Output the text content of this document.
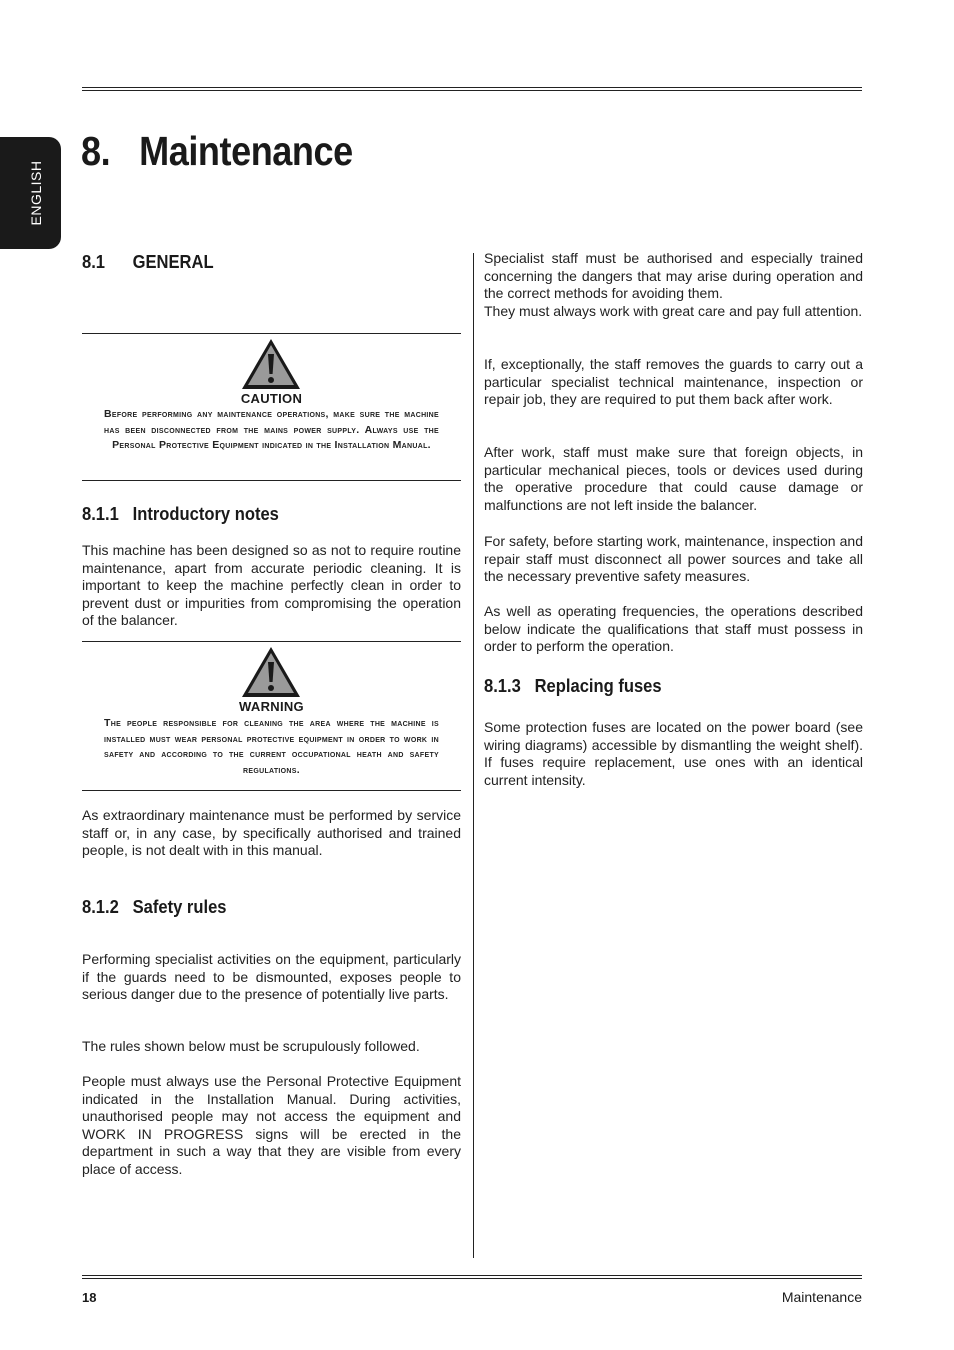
ENGLISH
8. Maintenance
8.1 GENERAL
CAUTION

Before performing any maintenance operations, make sure the machine has been disconnected from the mains power supply. Always use the Personal Protective Equipment indicated in the Installation Manual.

8.1.1 Introductory notes

This machine has been designed so as not to require routine maintenance, apart from accurate periodic cleaning. It is important to keep the machine perfectly clean in order to prevent dust or impurities from compromising the operation of the balancer.

WARNING

The people responsible for cleaning the area where the machine is installed must wear personal protective equipment in order to work in safety and according to the current occupational heath and safety regulations.

As extraordinary maintenance must be performed by service staff or, in any case, by specifically authorised and trained people, is not dealt with in this manual.

8.1.2 Safety rules

Performing specialist activities on the equipment, particularly if the guards need to be dismounted, exposes people to serious danger due to the presence of potentially live parts.

The rules shown below must be scrupulously followed.

People must always use the Personal Protective Equipment indicated in the Installation Manual. During activities, unauthorised people may not access the equipment and WORK IN PROGRESS signs will be erected in the department in such a way that they are visible from every place of access.

Specialist staff must be authorised and especially trained concerning the dangers that may arise during operation and the correct methods for avoiding them.

They must always work with great care and pay full attention.

If, exceptionally, the staff removes the guards to carry out a particular specialist technical maintenance, inspection or repair job, they are required to put them back after work.

After work, staff must make sure that foreign objects, in particular mechanical pieces, tools or devices used during the operative procedure that could cause damage or malfunctions are not left inside the balancer.

For safety, before starting work, maintenance, inspection and repair staff must disconnect all power sources and take all the necessary preventive safety measures.

As well as operating frequencies, the operations described below indicate the qualifications that staff must possess in order to perform the operation.

8.1.3 Replacing fuses

Some protection fuses are located on the power board (see wiring diagrams) accessible by dismantling the weight shelf). If fuses require replacement, use ones with an identical current intensity.

18	Maintenance
